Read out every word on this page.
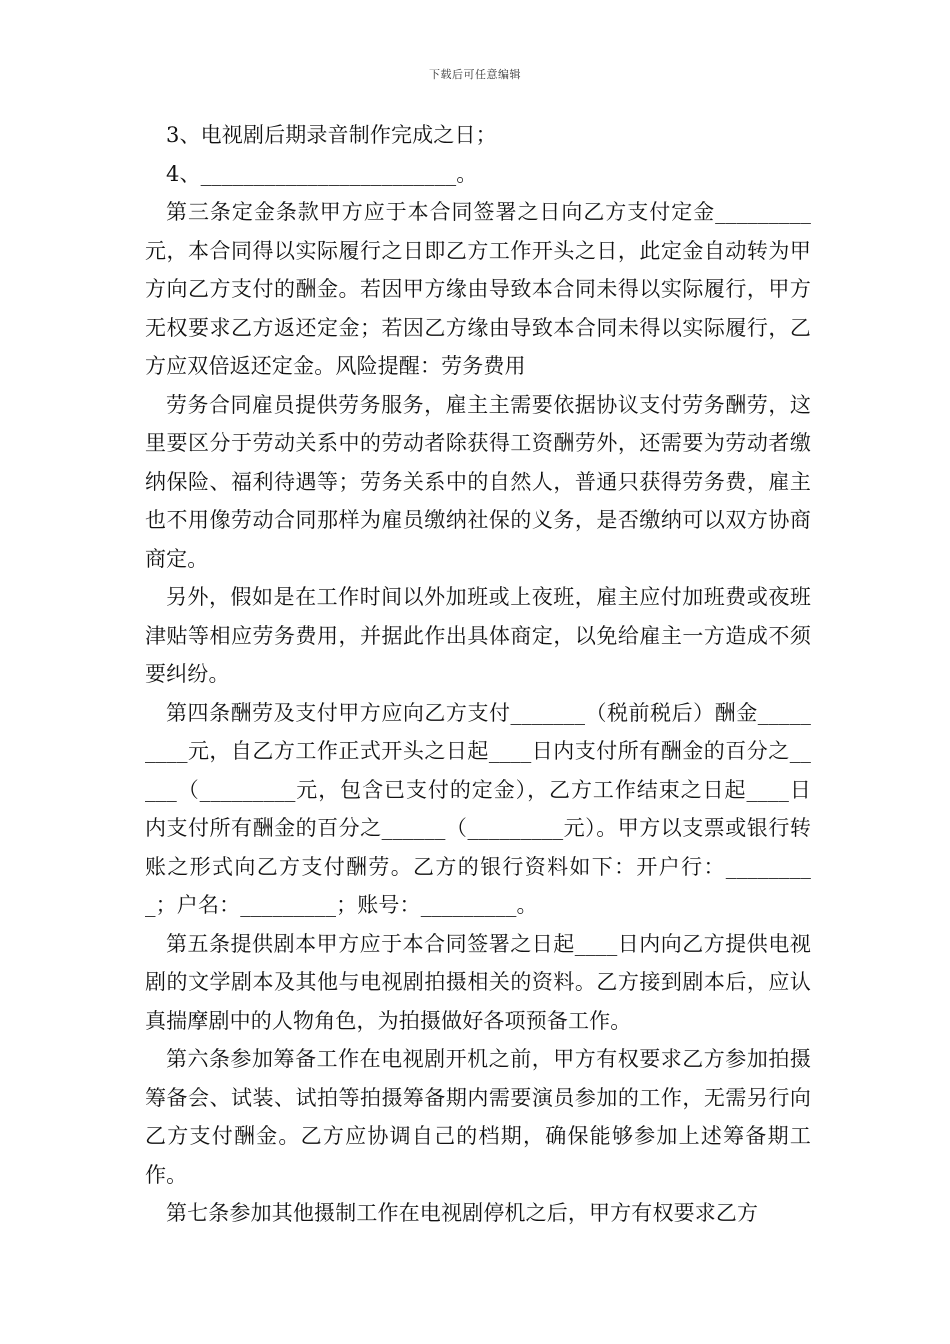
下载后可任意编辑

3、电视剧后期录音制作完成之日；

4、________________________。

第三条定金条款甲方应于本合同签署之日向乙方支付定金_________元，本合同得以实际履行之日即乙方工作开头之日，此定金自动转为甲方向乙方支付的酬金。若因甲方缘由导致本合同未得以实际履行，甲方无权要求乙方返还定金；若因乙方缘由导致本合同未得以实际履行，乙方应双倍返还定金。风险提醒：劳务费用

劳务合同雇员提供劳务服务，雇主主需要依据协议支付劳务酬劳，这里要区分于劳动关系中的劳动者除获得工资酬劳外，还需要为劳动者缴纳保险、福利待遇等；劳务关系中的自然人，普通只获得劳务费，雇主也不用像劳动合同那样为雇员缴纳社保的义务，是否缴纳可以双方协商商定。

另外，假如是在工作时间以外加班或上夜班，雇主应付加班费或夜班津贴等相应劳务费用，并据此作出具体商定，以免给雇主一方造成不须要纠纷。

第四条酬劳及支付甲方应向乙方支付_______（税前税后）酬金_________元，自乙方工作正式开头之日起____日内支付所有酬金的百分之_____（_________元，包含已支付的定金），乙方工作结束之日起____日内支付所有酬金的百分之______（_________元）。甲方以支票或银行转账之形式向乙方支付酬劳。乙方的银行资料如下：开户行：_________；户名：_________；账号：_________。

第五条提供剧本甲方应于本合同签署之日起____日内向乙方提供电视剧的文学剧本及其他与电视剧拍摄相关的资料。乙方接到剧本后，应认真揣摩剧中的人物角色，为拍摄做好各项预备工作。

第六条参加筹备工作在电视剧开机之前，甲方有权要求乙方参加拍摄筹备会、试装、试拍等拍摄筹备期内需要演员参加的工作，无需另行向乙方支付酬金。乙方应协调自己的档期，确保能够参加上述筹备期工作。

第七条参加其他摄制工作在电视剧停机之后，甲方有权要求乙方
